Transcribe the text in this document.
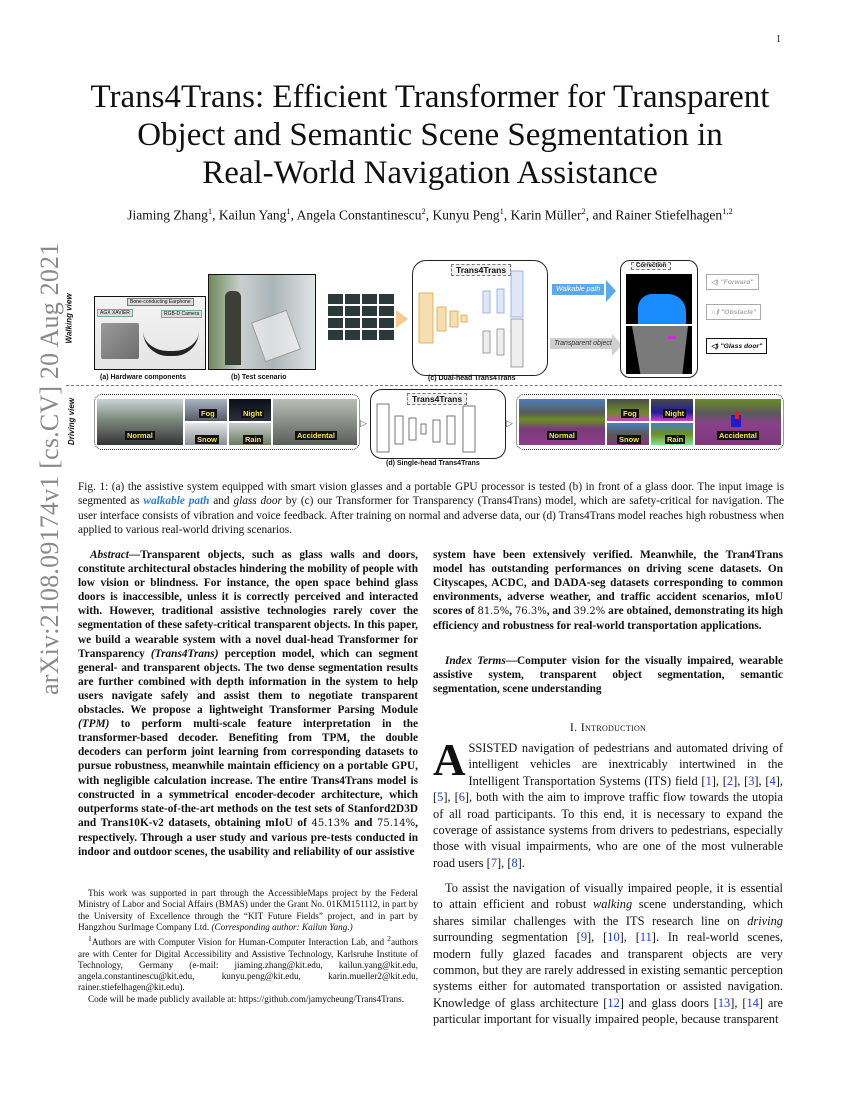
1
arXiv:2108.09174v1 [cs.CV] 20 Aug 2021
Trans4Trans: Efficient Transformer for Transparent
Object and Semantic Scene Segmentation in
Real-World Navigation Assistance
Jiaming Zhang$^1$, Kailun Yang$^1$, Angela Constantinescu$^2$, Kunyu Peng$^1$, Karin Müller$^2$, and Rainer Stiefelhagen$^{1,2}$
Walking view
Driving view
Bone-conducting Earphone
AGX XAVIER	RGB-D Camera
(a) Hardware components	(b) Test scenario
Trans4Trans
(c) Dual-head Trans4Trans
Walkable path
Transparent object
Correction
◁) "Forward"
∩≬ "Obstacle"
◁) "Glass door"
Normal
Fog	Night
Snow	Rain	Accidental
▷
Trans4Trans
(d) Single-head Trans4Trans
▷
Normal
Fog	Night
Snow	Rain	Accidental
Fig. 1: (a) the assistive system equipped with smart vision glasses and a portable GPU processor is tested (b) in front of a glass door. The input image is segmented as walkable path and glass door by (c) our Transformer for Transparency (Trans4Trans) model, which are safety-critical for navigation. The user interface consists of vibration and voice feedback. After training on normal and adverse data, our (d) Trans4Trans model reaches high robustness when applied to various real-world driving scenarios.
Abstract—Transparent objects, such as glass walls and doors, constitute architectural obstacles hindering the mobility of people with low vision or blindness. For instance, the open space behind glass doors is inaccessible, unless it is correctly perceived and interacted with. However, traditional assistive technologies rarely cover the segmentation of these safety-critical transparent objects. In this paper, we build a wearable system with a novel dual-head Transformer for Transparency (Trans4Trans) perception model, which can segment general- and transparent objects. The two dense segmentation results are further combined with depth information in the system to help users navigate safely and assist them to negotiate transparent obstacles. We propose a lightweight Transformer Parsing Module (TPM) to perform multi-scale feature interpretation in the transformer-based decoder. Benefiting from TPM, the double decoders can perform joint learning from corresponding datasets to pursue robustness, meanwhile maintain efficiency on a portable GPU, with negligible calculation increase. The entire Trans4Trans model is constructed in a symmetrical encoder-decoder architecture, which outperforms state-of-the-art methods on the test sets of Stanford2D3D and Trans10K-v2 datasets, obtaining mIoU of 45.13% and 75.14%, respectively. Through a user study and various pre-tests conducted in indoor and outdoor scenes, the usability and reliability of our assistive
system have been extensively verified. Meanwhile, the Tran4Trans model has outstanding performances on driving scene datasets. On Cityscapes, ACDC, and DADA-seg datasets corresponding to common environments, adverse weather, and traffic accident scenarios, mIoU scores of 81.5%, 76.3%, and 39.2% are obtained, demonstrating its high efficiency and robustness for real-world transportation applications.
Index Terms—Computer vision for the visually impaired, wearable assistive system, transparent object segmentation, semantic segmentation, scene understanding
I. Introduction
ASSISTED navigation of pedestrians and automated driving of intelligent vehicles are inextricably intertwined in the Intelligent Transportation Systems (ITS) field [1], [2], [3], [4], [5], [6], both with the aim to improve traffic flow towards the utopia of all road participants. To this end, it is necessary to expand the coverage of assistance systems from drivers to pedestrians, especially those with visual impairments, who are one of the most vulnerable road users [7], [8].
To assist the navigation of visually impaired people, it is essential to attain efficient and robust walking scene understanding, which shares similar challenges with the ITS research line on driving surrounding segmentation [9], [10], [11]. In real-world scenes, modern fully glazed facades and transparent objects are very common, but they are rarely addressed in existing semantic perception systems either for automated transportation or assisted navigation. Knowledge of glass architecture [12] and glass doors [13], [14] are particular important for visually impaired people, because transparent

This work was supported in part through the AccessibleMaps project by the Federal Ministry of Labor and Social Affairs (BMAS) under the Grant No. 01KM151112, in part by the University of Excellence through the “KIT Future Fields” project, and in part by Hangzhou SurImage Company Ltd. (Corresponding author: Kailun Yang.)

$^1$Authors are with Computer Vision for Human-Computer Interaction Lab, and $^2$authors are with Center for Digital Accessibility and Assistive Technology, Karlsruhe Institute of Technology, Germany (e-mail: jiaming.zhang@kit.edu, kailun.yang@kit.edu, angela.constantinescu@kit.edu, kunyu.peng@kit.edu, karin.mueller2@kit.edu, rainer.stiefelhagen@kit.edu).

Code will be made publicly available at: https://github.com/jamycheung/Trans4Trans.
